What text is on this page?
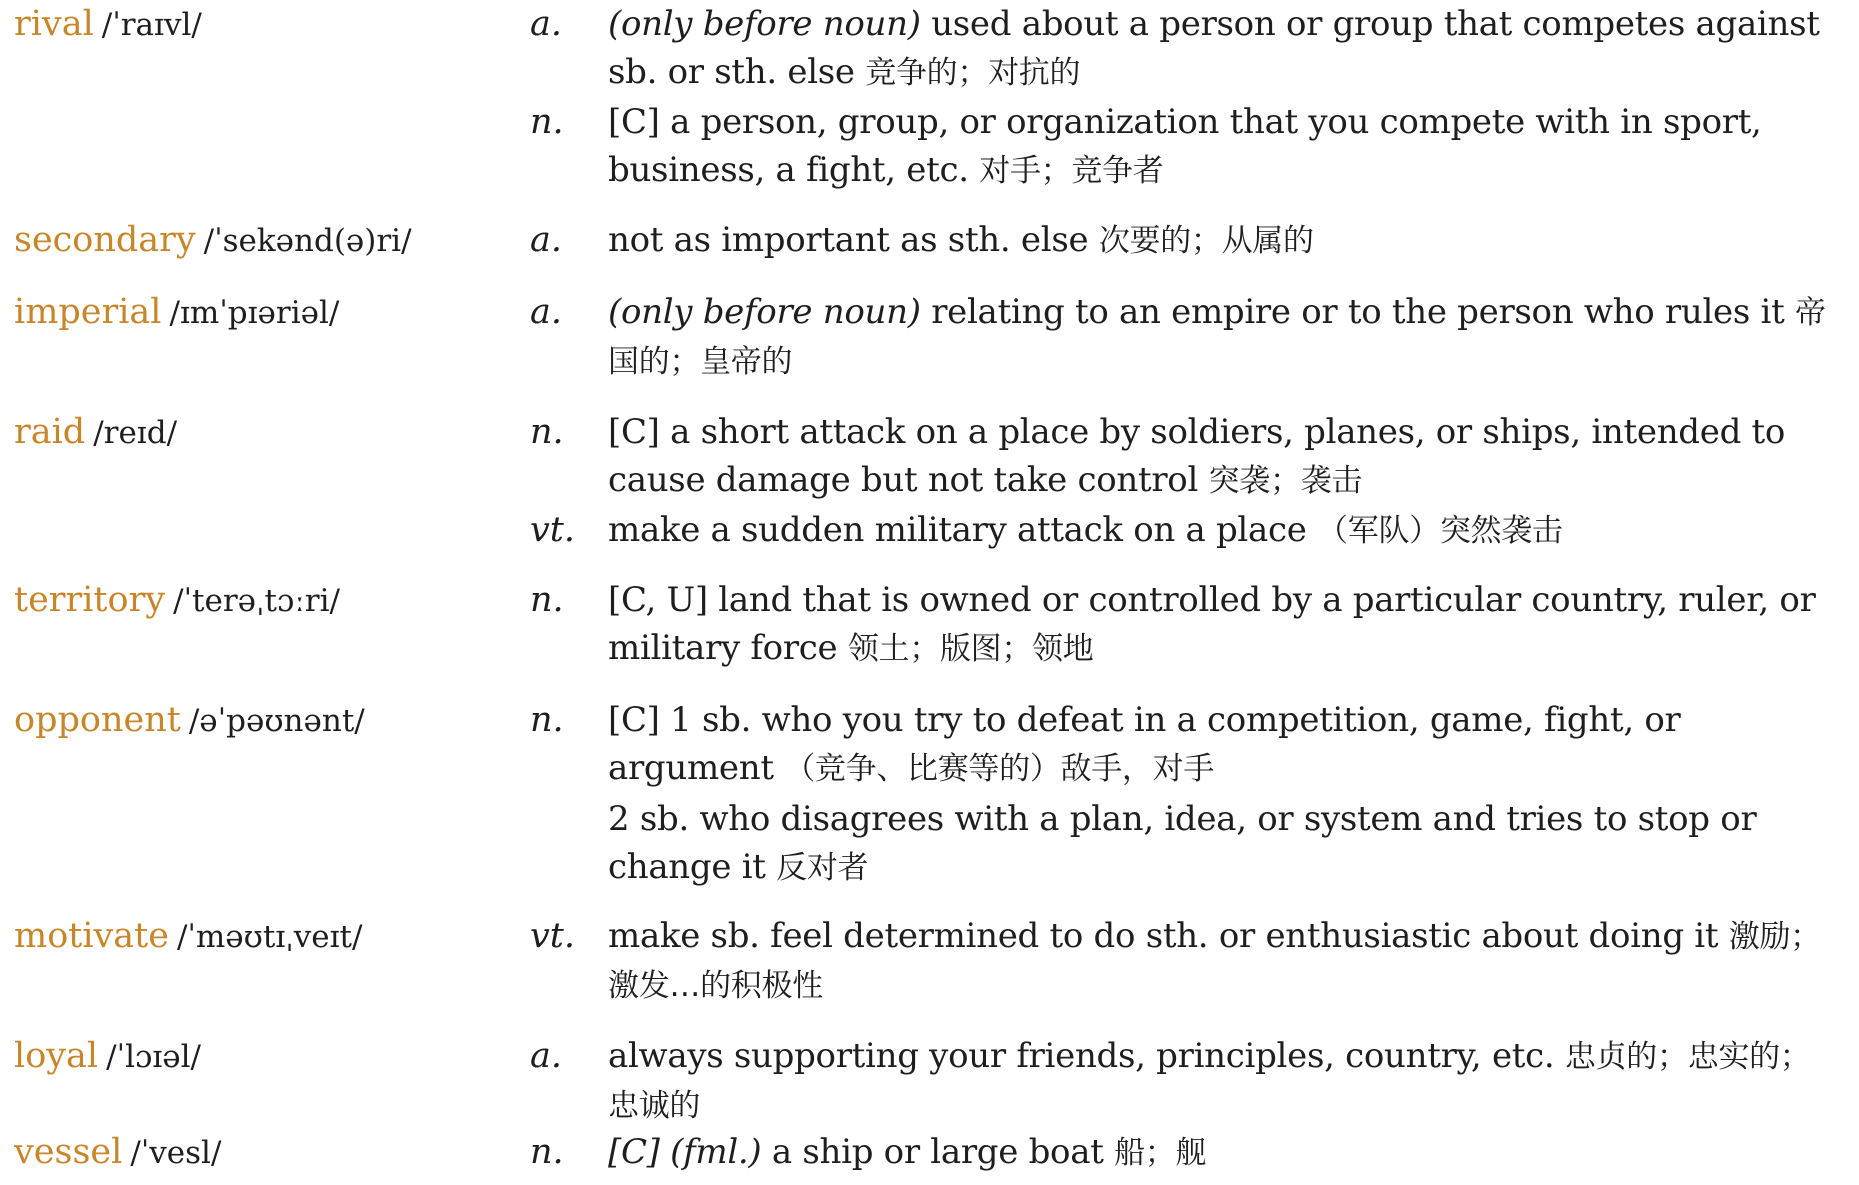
rival /ˈraɪvl/	a. (only before noun) used about a person or group that competes against sb. or sth. else 竞争的；对抗的
n. [C] a person, group, or organization that you compete with in sport, business, a fight, etc. 对手；竞争者
secondary /ˈsekənd(ə)ri/	a. not as important as sth. else 次要的；从属的
imperial /ɪmˈpɪəriəl/	a. (only before noun) relating to an empire or to the person who rules it 帝国的；皇帝的
raid /reɪd/	n. [C] a short attack on a place by soldiers, planes, or ships, intended to cause damage but not take control 突袭；袭击
vt. make a sudden military attack on a place （军队）突然袭击
territory /ˈterəˌtɔːri/	n. [C, U] land that is owned or controlled by a particular country, ruler, or military force 领土；版图；领地
opponent /əˈpəʊnənt/	n. [C] 1 sb. who you try to defeat in a competition, game, fight, or argument （竞争、比赛等的）敌手，对手
2 sb. who disagrees with a plan, idea, or system and tries to stop or change it 反对者
motivate /ˈməʊtɪˌveɪt/	vt. make sb. feel determined to do sth. or enthusiastic about doing it 激励；激发…的积极性
loyal /ˈlɔɪəl/	a. always supporting your friends, principles, country, etc. 忠贞的；忠实的；忠诚的
vessel /ˈvesl/	n. [C] (fml.) a ship or large boat 船；舰
